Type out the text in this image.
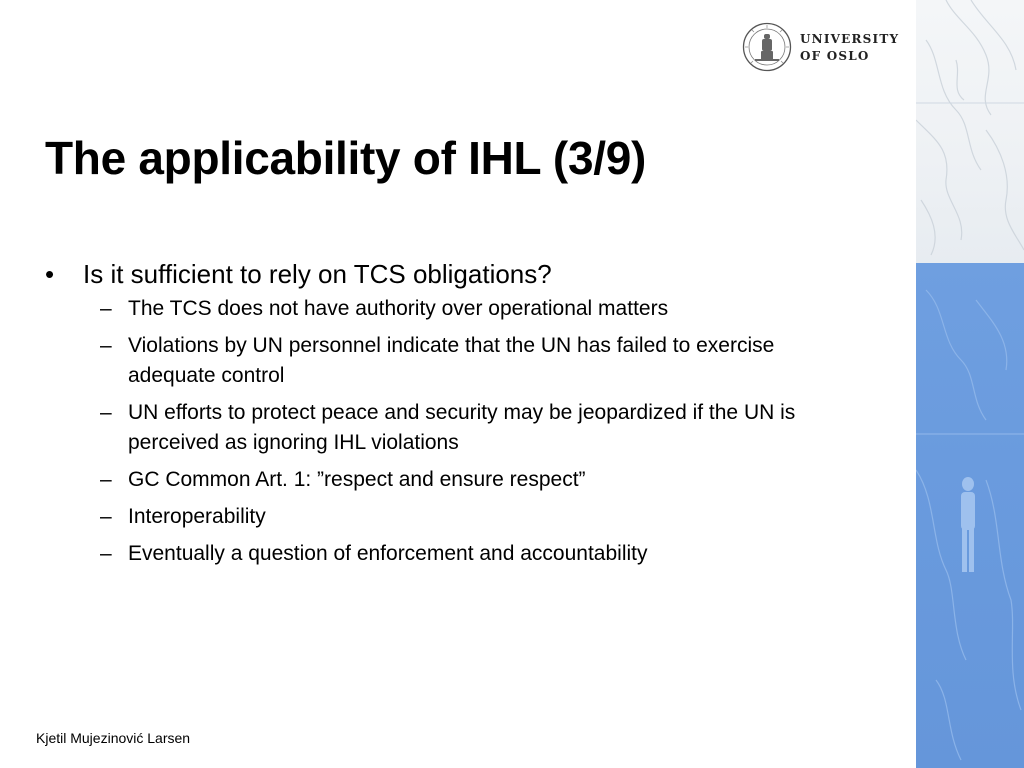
UNIVERSITY
OF OSLO
The applicability of IHL (3/9)

• Is it sufficient to rely on TCS obligations?

– The TCS does not have authority over operational matters
– Violations by UN personnel indicate that the UN has failed to exercise adequate control
– UN efforts to protect peace and security may be jeopardized if the UN is perceived as ignoring IHL violations
– GC Common Art. 1: ”respect and ensure respect”
– Interoperability
– Eventually a question of enforcement and accountability
Kjetil Mujezinović Larsen
